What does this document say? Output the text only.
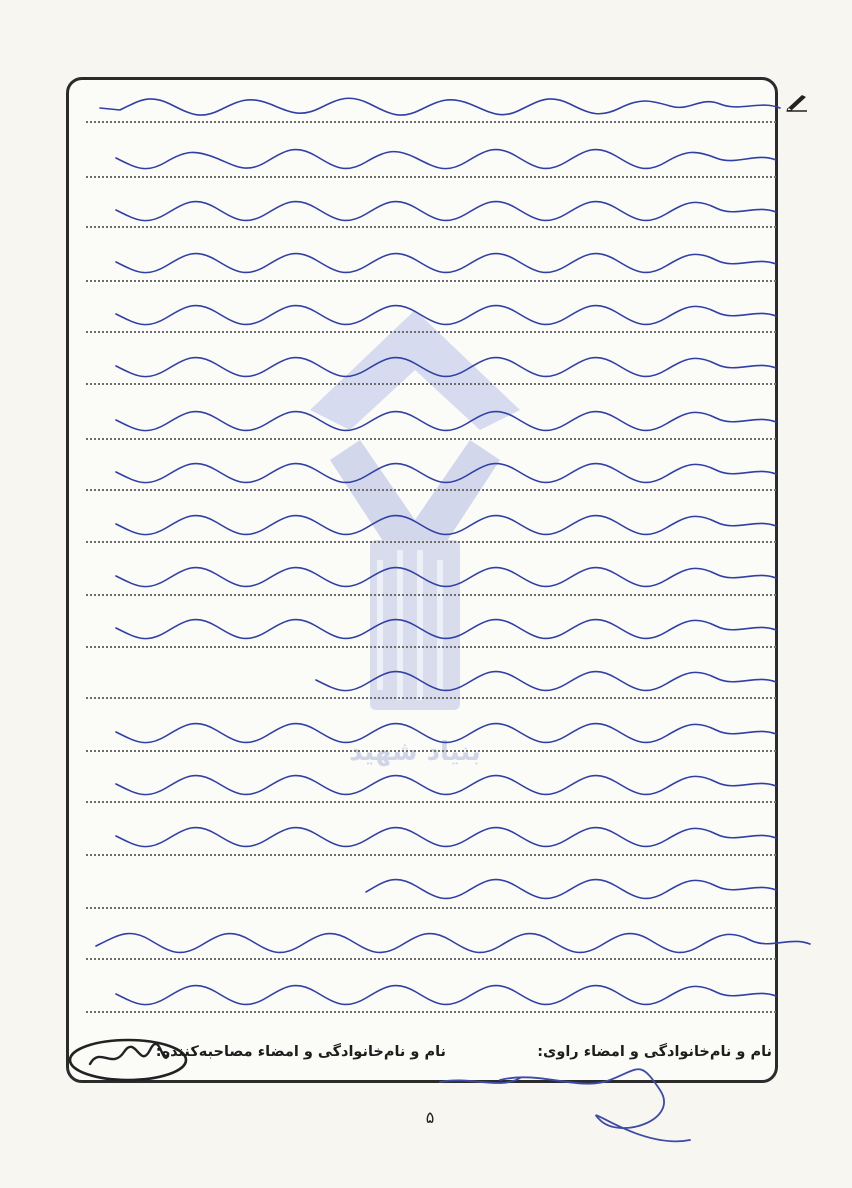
بنیاد شهید
نام و نام‌خانوادگی و امضاء راوی:
نام و نام‌خانوادگی و امضاء مصاحبه‌کننده:
۵
